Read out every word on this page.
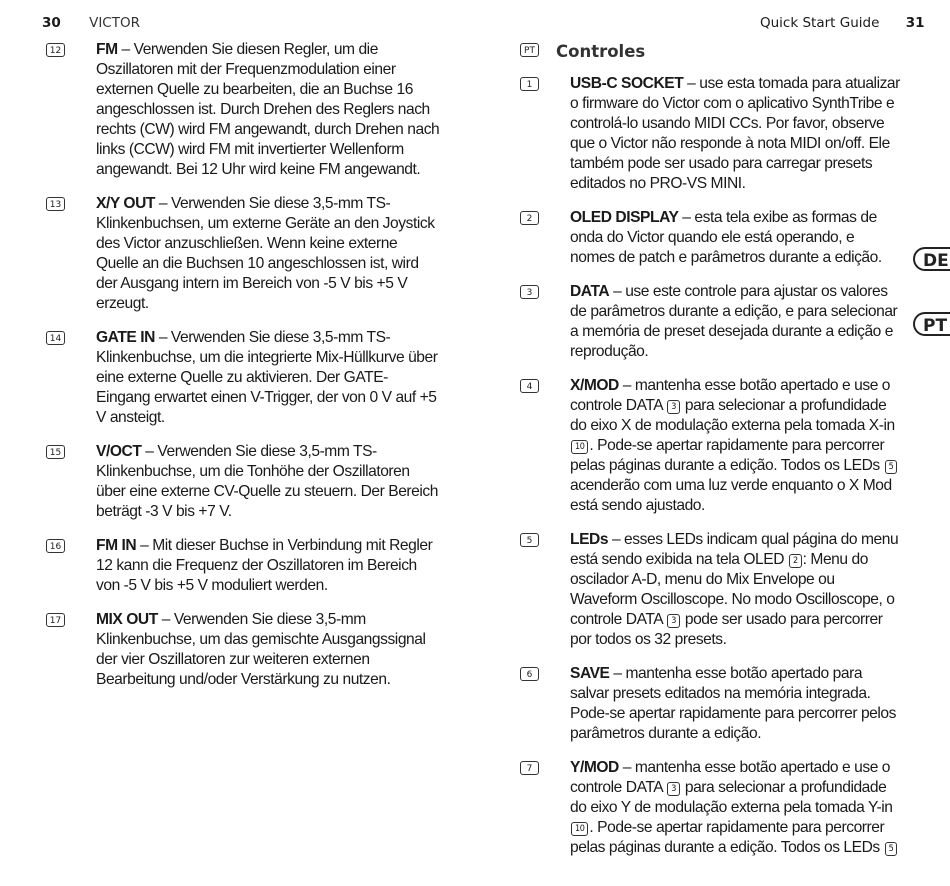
30 VICTOR	Quick Start Guide 31
12 FM – Verwenden Sie diesen Regler, um die Oszillatoren mit der Frequenzmodulation einer externen Quelle zu bearbeiten, die an Buchse 16 angeschlossen ist. Durch Drehen des Reglers nach rechts (CW) wird FM angewandt, durch Drehen nach links (CCW) wird FM mit invertierter Wellenform angewandt. Bei 12 Uhr wird keine FM angewandt.
13 X/Y OUT – Verwenden Sie diese 3,5-mm TS-Klinkenbuchsen, um externe Geräte an den Joystick des Victor anzuschließen. Wenn keine externe Quelle an die Buchsen 10 angeschlossen ist, wird der Ausgang intern im Bereich von -5 V bis +5 V erzeugt.
14 GATE IN – Verwenden Sie diese 3,5-mm TS-Klinkenbuchse, um die integrierte Mix-Hüllkurve über eine externe Quelle zu aktivieren. Der GATE-Eingang erwartet einen V-Trigger, der von 0 V auf +5 V ansteigt.
15 V/OCT – Verwenden Sie diese 3,5-mm TS-Klinkenbuchse, um die Tonhöhe der Oszillatoren über eine externe CV-Quelle zu steuern. Der Bereich beträgt -3 V bis +7 V.
16 FM IN – Mit dieser Buchse in Verbindung mit Regler 12 kann die Frequenz der Oszillatoren im Bereich von -5 V bis +5 V moduliert werden.
17 MIX OUT – Verwenden Sie diese 3,5-mm Klinkenbuchse, um das gemischte Ausgangssignal der vier Oszillatoren zur weiteren externen Bearbeitung und/oder Verstärkung zu nutzen.
PT Controles
1	USB-C SOCKET – use esta tomada para atualizar o firmware do Victor com o aplicativo SynthTribe e controlá-lo usando MIDI CCs. Por favor, observe que o Victor não responde à nota MIDI on/off. Ele também pode ser usado para carregar presets editados no PRO-VS MINI.
2	OLED DISPLAY – esta tela exibe as formas de onda do Victor quando ele está operando, e nomes de patch e parâmetros durante a edição.
3	DATA – use este controle para ajustar os valores de parâmetros durante a edição, e para selecionar a memória de preset desejada durante a edição e reprodução.
4	X/MOD – mantenha esse botão apertado e use o controle DATA 3 para selecionar a profundidade do eixo X de modulação externa pela tomada X-in 10 . Pode-se apertar rapidamente para percorrer pelas páginas durante a edição. Todos os LEDs 5 acenderão com uma luz verde enquanto o X Mod está sendo ajustado.
5	LEDs – esses LEDs indicam qual página do menu está sendo exibida na tela OLED 2 : Menu do oscilador A-D, menu do Mix Envelope ou Waveform Oscilloscope. No modo Oscilloscope, o controle DATA 3 pode ser usado para percorrer por todos os 32 presets.
6	SAVE – mantenha esse botão apertado para salvar presets editados na memória integrada. Pode-se apertar rapidamente para percorrer pelos parâmetros durante a edição.
7	Y/MOD – mantenha esse botão apertado e use o controle DATA 3 para selecionar a profundidade do eixo Y de modulação externa pela tomada Y-in 10 . Pode-se apertar rapidamente para percorrer pelas páginas durante a edição. Todos os LEDs 5
DE
PT
